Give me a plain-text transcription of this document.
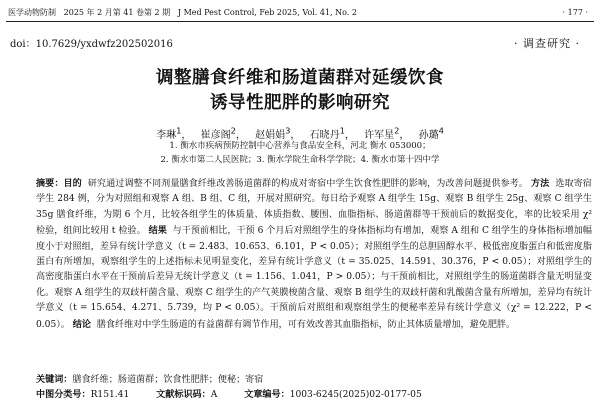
医学动物防制 2025 年 2 月第 41 卷第 2 期 J Med Pest Control, Feb 2025, Vol. 41, No. 2	· 177 ·
doi：10.7629/yxdwfz202502016	· 调查研究 ·
调整膳食纤维和肠道菌群对延缓饮食
诱导性肥胖的影响研究
李琳$^1$， 崔彦阁$^2$， 赵娟娟$^3$， 石晓丹$^1$， 许军星$^2$， 孙璐$^4$
1. 衡水市疾病预防控制中心营养与食品安全科，河北 衡水 053000；
2. 衡水市第二人民医院；3. 衡水学院生命科学学院；4. 衡水市第十四中学
摘要：目的 研究通过调整不同剂量膳食纤维改善肠道菌群的构成对寄宿中学生饮食性肥胖的影响，为改善问题提供参考。 方法 选取寄宿学生 284 例，分为对照组和观察 A 组、B 组、C 组，开展对照研究。每日给予观察 A 组学生 15g、观察 B 组学生 25g、观察 C 组学生 35g 膳食纤维，为期 6 个月，比较各组学生的体质量、体质指数、腰围、血脂指标、肠道菌群等干预前后的数据变化，率的比较采用 χ² 检验，组间比较用 t 检验。 结果 与干预前相比，干预 6 个月后对照组学生的身体指标均有增加，观察 A 组和 C 组学生的身体指标增加幅度小于对照组，差异有统计学意义（t = 2.483、10.653、6.101，P < 0.05）；对照组学生的总胆固醇水平、极低密度脂蛋白和低密度脂蛋白有所增加，观察组学生的上述指标未见明显变化，差异有统计学意义（t = 35.025、14.591、30.376，P < 0.05）；对照组学生的高密度脂蛋白水平在干预前后差异无统计学意义（t = 1.156、1.041，P > 0.05）；与干预前相比，对照组学生的肠道菌群含量无明显变化。观察 A 组学生的双歧杆菌含量、观察 C 组学生的产气荚膜梭菌含量、观察 B 组学生的双歧杆菌和乳酸菌含量有所增加，差异均有统计学意义（t = 15.654、4.271、5.739，均 P < 0.05）。干预前后对照组和观察组学生的便秘率差异有统计学意义（χ² = 12.222，P < 0.05）。 结论 膳食纤维对中学生肠道的有益菌群有调节作用，可有效改善其血脂指标，防止其体质量增加，避免肥胖。
关键词：膳食纤维；肠道菌群；饮食性肥胖；便秘；寄宿
中图分类号：R151.41	文献标识码：A	文章编号：1003-6245(2025)02-0177-05
